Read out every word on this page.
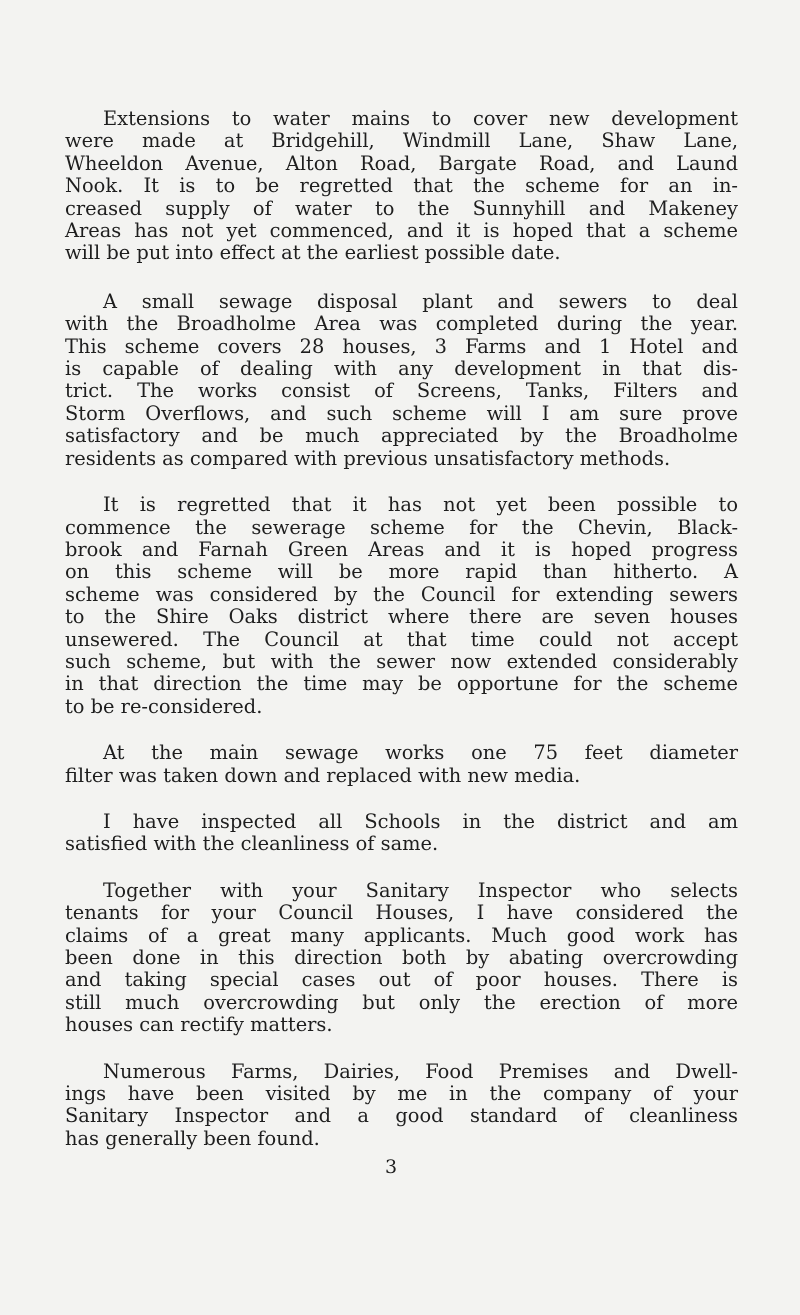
Extensions to water mains to cover new development
were made at Bridgehill, Windmill Lane, Shaw Lane,
Wheeldon Avenue, Alton Road, Bargate Road, and Laund
Nook. It is to be regretted that the scheme for an in-
creased supply of water to the Sunnyhill and Makeney
Areas has not yet commenced, and it is hoped that a scheme
will be put into effect at the earliest possible date.
A small sewage disposal plant and sewers to deal
with the Broadholme Area was completed during the year.
This scheme covers 28 houses, 3 Farms and 1 Hotel and
is capable of dealing with any development in that dis-
trict. The works consist of Screens, Tanks, Filters and
Storm Overflows, and such scheme will I am sure prove
satisfactory and be much appreciated by the Broadholme
residents as compared with previous unsatisfactory methods.
It is regretted that it has not yet been possible to
commence the sewerage scheme for the Chevin, Black-
brook and Farnah Green Areas and it is hoped progress
on this scheme will be more rapid than hitherto. A
scheme was considered by the Council for extending sewers
to the Shire Oaks district where there are seven houses
unsewered. The Council at that time could not accept
such scheme, but with the sewer now extended considerably
in that direction the time may be opportune for the scheme
to be re-considered.
At the main sewage works one 75 feet diameter
filter was taken down and replaced with new media.
I have inspected all Schools in the district and am
satisfied with the cleanliness of same.
Together with your Sanitary Inspector who selects
tenants for your Council Houses, I have considered the
claims of a great many applicants. Much good work has
been done in this direction both by abating overcrowding
and taking special cases out of poor houses. There is
still much overcrowding but only the erection of more
houses can rectify matters.
Numerous Farms, Dairies, Food Premises and Dwell-
ings have been visited by me in the company of your
Sanitary Inspector and a good standard of cleanliness
has generally been found.
3
